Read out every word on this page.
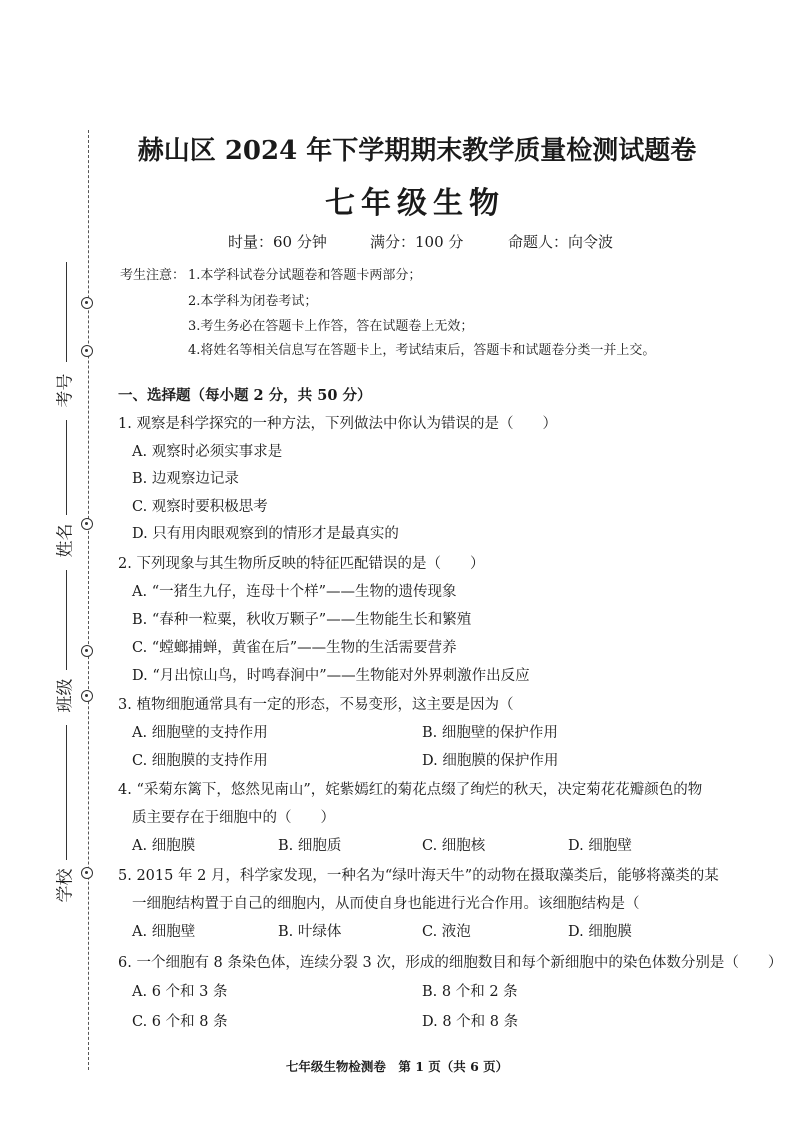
考号
姓名
班级
学校
赫山区 2024 年下学期期末教学质量检测试题卷
七年级生物
时量：60 分钟	满分：100 分	命题人：向令波
考生注意： 1.本学科试卷分试题卷和答题卡两部分；
2.本学科为闭卷考试；
3.考生务必在答题卡上作答，答在试题卷上无效；
4.将姓名等相关信息写在答题卡上，考试结束后，答题卡和试题卷分类一并上交。
一、选择题（每小题 2 分，共 50 分）
1. 观察是科学探究的一种方法，下列做法中你认为错误的是（　　）
A. 观察时必须实事求是
B. 边观察边记录
C. 观察时要积极思考
D. 只有用肉眼观察到的情形才是最真实的
2. 下列现象与其生物所反映的特征匹配错误的是（　　）
A. “一猪生九仔，连母十个样”——生物的遗传现象
B. “春种一粒粟，秋收万颗子”——生物能生长和繁殖
C. “螳螂捕蝉，黄雀在后”——生物的生活需要营养
D. “月出惊山鸟，时鸣春涧中”——生物能对外界刺激作出反应
3. 植物细胞通常具有一定的形态，不易变形，这主要是因为（
A. 细胞壁的支持作用	B. 细胞壁的保护作用
C. 细胞膜的支持作用	D. 细胞膜的保护作用
4. “采菊东篱下，悠然见南山”，姹紫嫣红的菊花点缀了绚烂的秋天，决定菊花花瓣颜色的物
质主要存在于细胞中的（　　）
A. 细胞膜	B. 细胞质	C. 细胞核	D. 细胞壁
5. 2015 年 2 月，科学家发现，一种名为“绿叶海天牛”的动物在摄取藻类后，能够将藻类的某
一细胞结构置于自己的细胞内，从而使自身也能进行光合作用。该细胞结构是（
A. 细胞壁	B. 叶绿体	C. 液泡	D. 细胞膜
6. 一个细胞有 8 条染色体，连续分裂 3 次，形成的细胞数目和每个新细胞中的染色体数分别是（　　）
A. 6 个和 3 条	B. 8 个和 2 条
C. 6 个和 8 条	D. 8 个和 8 条
七年级生物检测卷　第 1 页（共 6 页）
